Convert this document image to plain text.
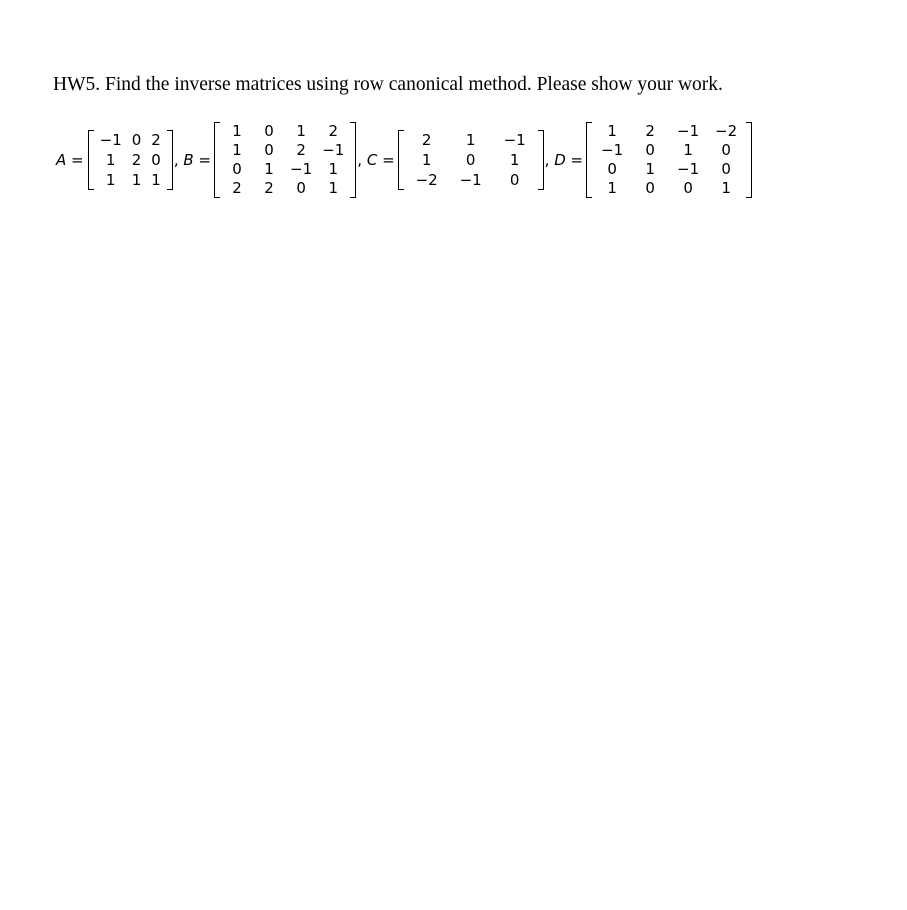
HW5. Find the inverse matrices using row canonical method. Please show your work.
A =
−1	0	2
1	2	0
1	1	1
, B =
1	0	1	2
1	0	2	−1
0	1	−1	1
2	2	0	1
, C =
2	1	−1
1	0	1
−2	−1	0
, D =
1	2	−1	−2
−1	0	1	0
0	1	−1	0
1	0	0	1
